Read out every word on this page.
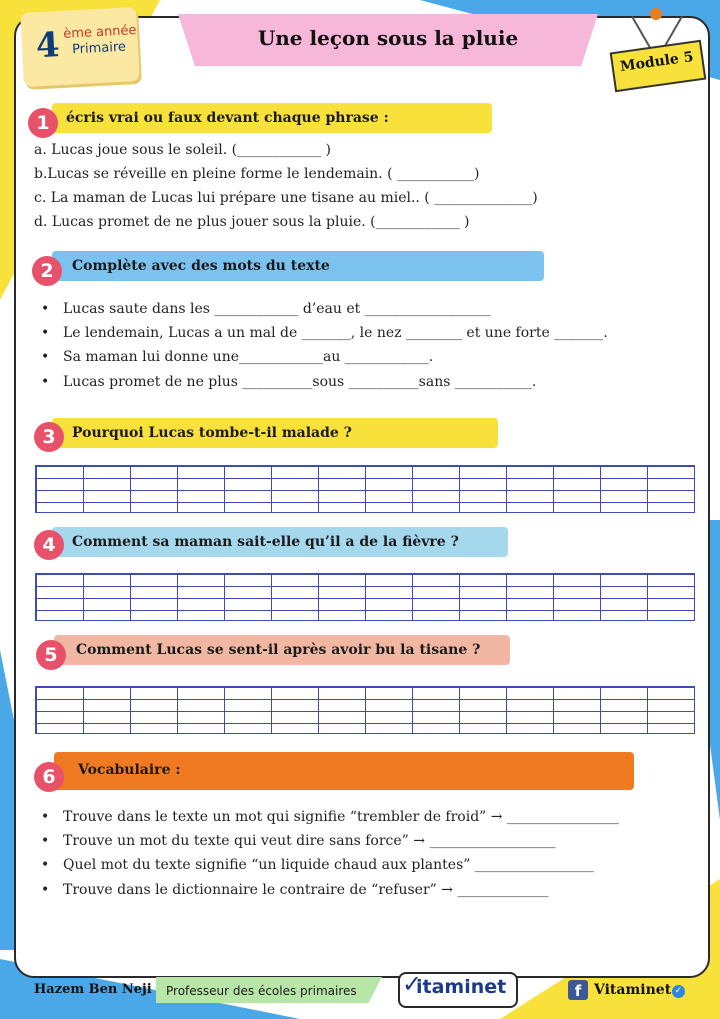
4 ème année
Primaire	Une leçon sous la pluie
Module 5
1	écris vrai ou faux devant chaque phrase :
a. Lucas joue sous le soleil. (____________ )
b.Lucas se réveille en pleine forme le lendemain. ( ___________)
c. La maman de Lucas lui prépare une tisane au miel.. ( ______________)
d. Lucas promet de ne plus jouer sous la pluie. (____________ )
2	Complète avec des mots du texte
• Lucas saute dans les ____________ d’eau et __________________
• Le lendemain, Lucas a un mal de _______, le nez ________ et une forte _______.
• Sa maman lui donne une____________au ____________.
• Lucas promet de ne plus __________sous __________sans ___________.
3	Pourquoi Lucas tombe-t-il malade ?
4	Comment sa maman sait-elle qu’il a de la fièvre ?
5	Comment Lucas se sent-il après avoir bu la tisane ?
6	Vocabulaire :
• Trouve dans le texte un mot qui signifie “trembler de froid” → ________________
• Trouve un mot du texte qui veut dire sans force” → __________________
• Quel mot du texte signifie “un liquide chaud aux plantes” _________________
• Trouve dans le dictionnaire le contraire de “refuser” → _____________
Hazem Ben Neji Professeur des écoles primaires ✓
itaminet	f Vitaminet ✓
